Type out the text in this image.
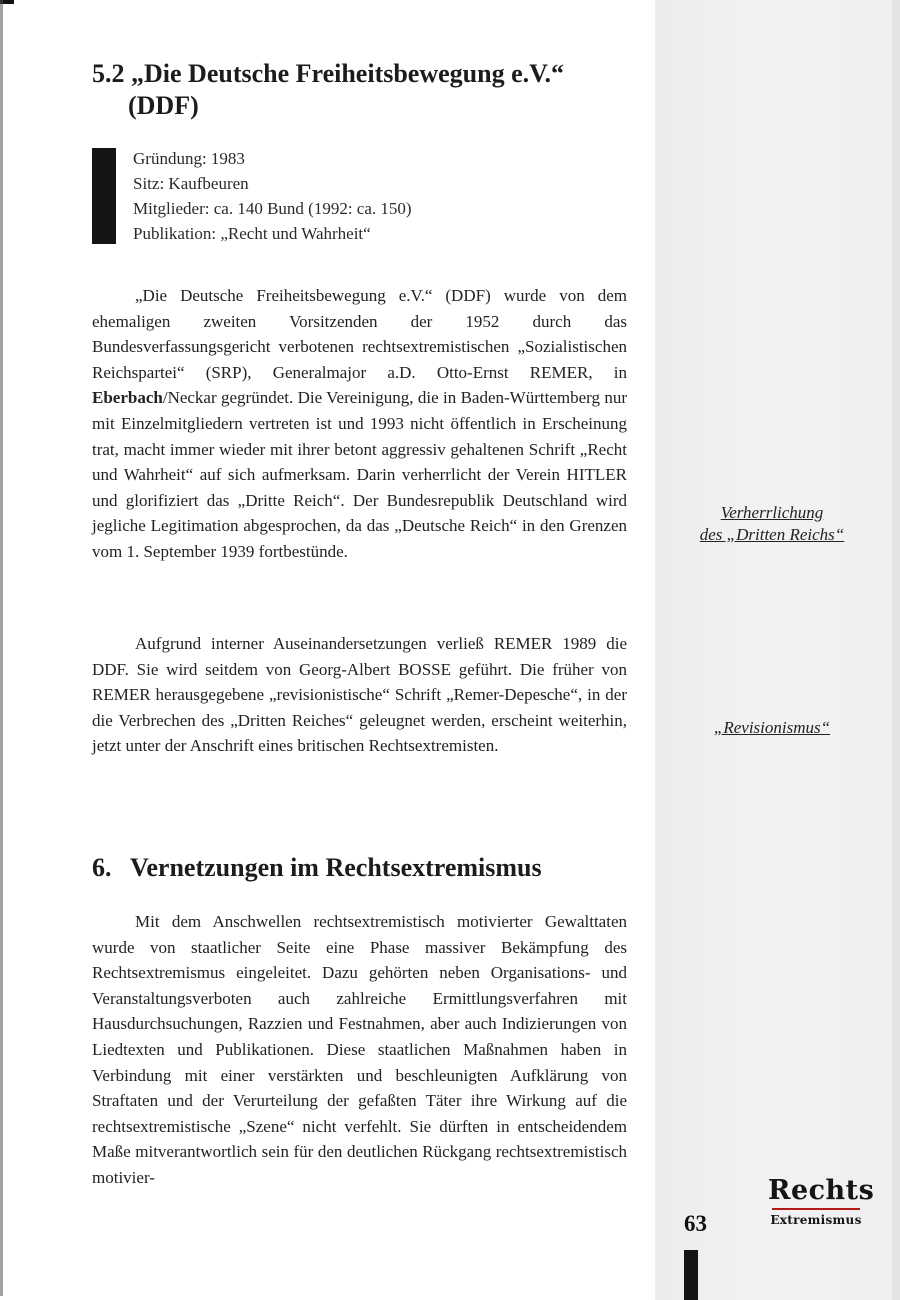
5.2 „Die Deutsche Freiheitsbewegung e.V.“
(DDF)
Gründung: 1983
Sitz: Kaufbeuren
Mitglieder: ca. 140 Bund (1992: ca. 150)
Publikation: „Recht und Wahrheit“

„Die Deutsche Freiheitsbewegung e.V.“ (DDF) wurde von dem ehemaligen zweiten Vorsitzenden der 1952 durch das Bundesverfassungsgericht verbotenen rechtsextremistischen „Sozialistischen Reichspartei“ (SRP), Generalmajor a.D. Otto-Ernst REMER, in Eberbach/Neckar gegründet. Die Vereinigung, die in Baden-Württemberg nur mit Einzelmitgliedern vertreten ist und 1993 nicht öffentlich in Erscheinung trat, macht immer wieder mit ihrer betont aggressiv gehaltenen Schrift „Recht und Wahrheit“ auf sich aufmerksam. Darin verherrlicht der Verein HITLER und glorifiziert das „Dritte Reich“. Der Bundesrepublik Deutschland wird jegliche Legitimation abgesprochen, da das „Deutsche Reich“ in den Grenzen vom 1. September 1939 fortbestünde.

Aufgrund interner Auseinandersetzungen verließ REMER 1989 die DDF. Sie wird seitdem von Georg-Albert BOSSE geführt. Die früher von REMER herausgegebene „revisionistische“ Schrift „Remer-Depesche“, in der die Verbrechen des „Dritten Reiches“ geleugnet werden, erscheint weiterhin, jetzt unter der Anschrift eines britischen Rechtsextremisten.

6. Vernetzungen im Rechtsextremismus

Mit dem Anschwellen rechtsextremistisch motivierter Gewalttaten wurde von staatlicher Seite eine Phase massiver Bekämpfung des Rechtsextremismus eingeleitet. Dazu gehörten neben Organisations- und Veranstaltungsverboten auch zahlreiche Ermittlungsverfahren mit Hausdurchsuchungen, Razzien und Festnahmen, aber auch Indizierungen von Liedtexten und Publikationen. Diese staatlichen Maßnahmen haben in Verbindung mit einer verstärkten und beschleunigten Aufklärung von Straftaten und der Verurteilung der gefaßten Täter ihre Wirkung auf die rechtsextremistische „Szene“ nicht verfehlt. Sie dürften in entscheidendem Maße mitverantwortlich sein für den deutlichen Rückgang rechtsextremistisch motivier-

Verherrlichung
des „Dritten Reichs“
„Revisionismus“
63
Rechts
Extremismus
